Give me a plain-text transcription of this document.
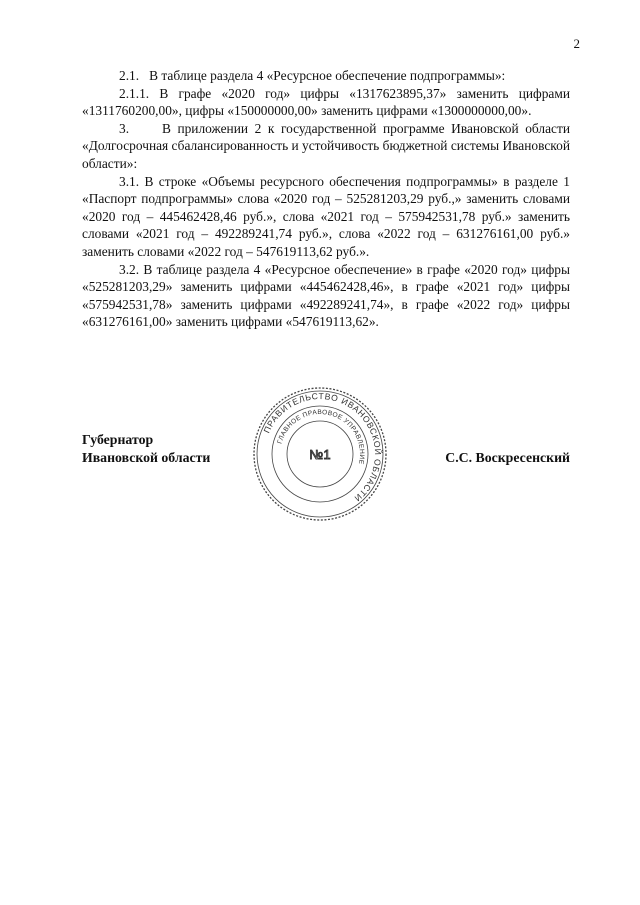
2

2.1.   В таблице раздела 4 «Ресурсное обеспечение подпрограммы»:

2.1.1. В графе «2020 год» цифры «1317623895,37» заменить цифрами «1311760200,00», цифры «150000000,00» заменить цифрами «1300000000,00».

3.     В приложении 2 к государственной программе Ивановской области «Долгосрочная сбалансированность и устойчивость бюджетной системы Ивановской области»:

3.1. В строке «Объемы ресурсного обеспечения подпрограммы» в разделе 1 «Паспорт подпрограммы» слова «2020 год – 525281203,29 руб.,» заменить словами «2020 год – 445462428,46 руб.», слова «2021 год – 575942531,78 руб.» заменить словами «2021 год – 492289241,74 руб.», слова «2022 год – 631276161,00 руб.» заменить словами «2022 год – 547619113,62 руб.».

3.2. В таблице раздела 4 «Ресурсное обеспечение» в графе «2020 год» цифры «525281203,29» заменить цифрами «445462428,46», в графе «2021 год» цифры «575942531,78» заменить цифрами «492289241,74», в графе «2022 год» цифры «631276161,00» заменить цифрами «547619113,62».

Губернатор
Ивановской области	С.С. Воскресенский
ПРАВИТЕЛЬСТВО ИВАНОВСКОЙ ОБЛАСТИ
ГЛАВНОЕ ПРАВОВОЕ УПРАВЛЕНИЕ
№1
